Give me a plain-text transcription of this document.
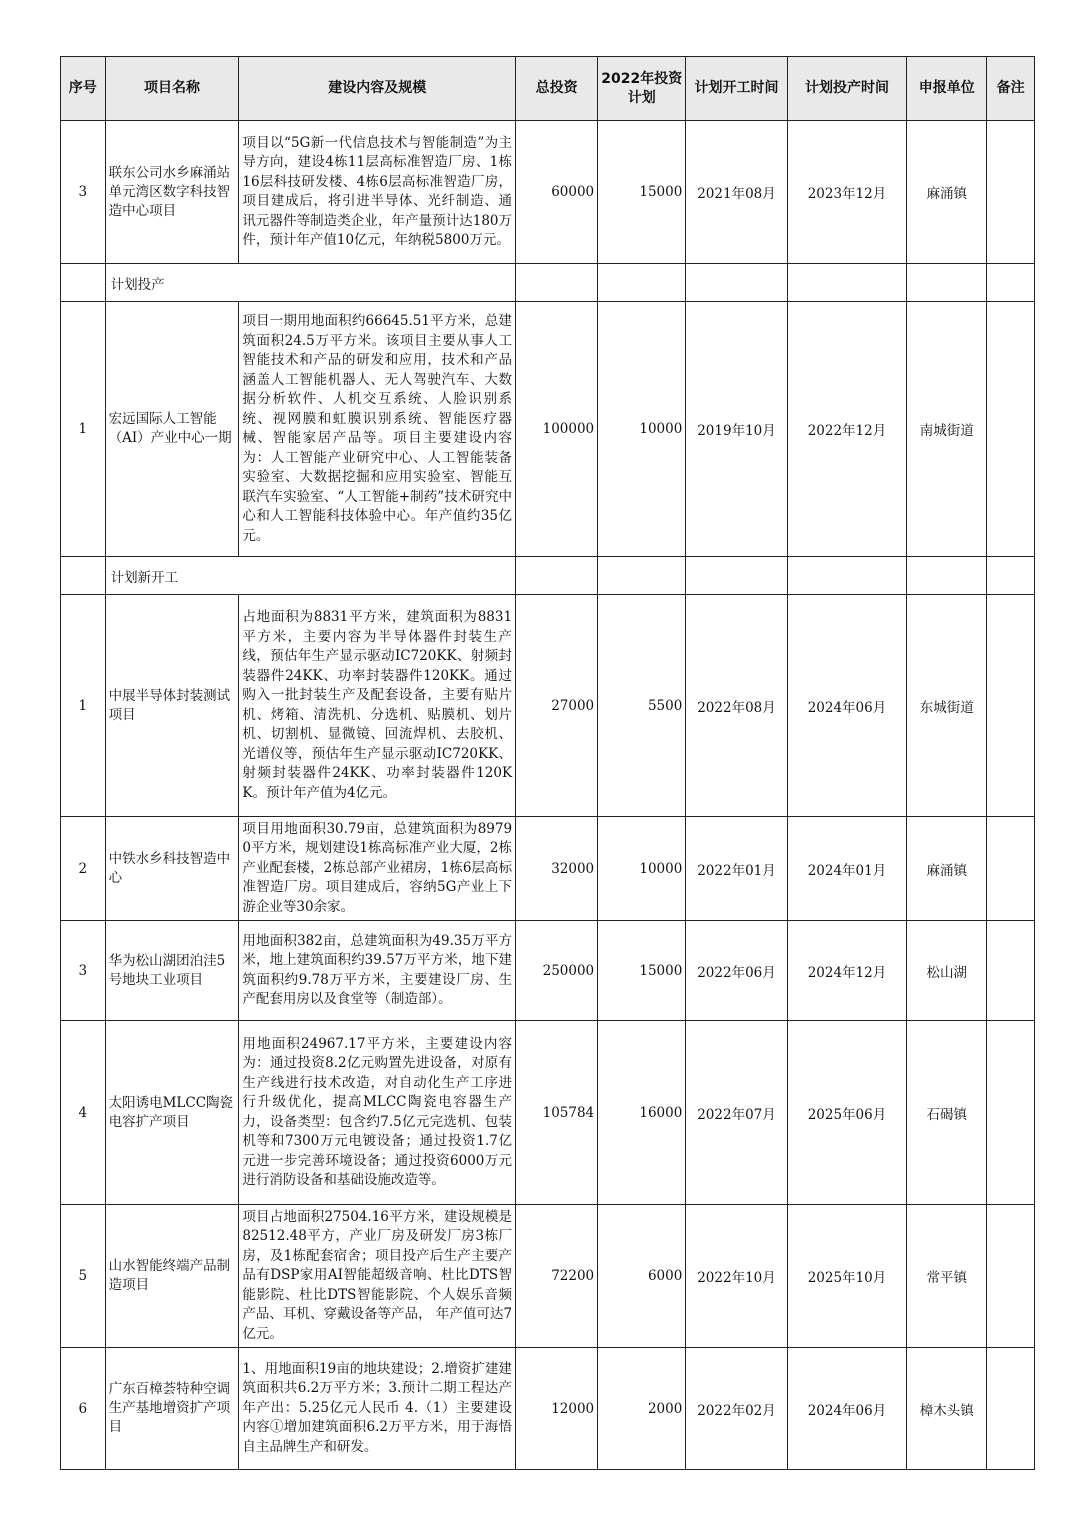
序号	项目名称	建设内容及规模	总投资	2022年投资计划	计划开工时间	计划投产时间	申报单位	备注
3	联东公司水乡麻涌站单元湾区数字科技智造中心项目	项目以“5G新一代信息技术与智能制造”为主导方向，建设4栋11层高标准智造厂房、1栋16层科技研发楼、4栋6层高标准智造厂房，项目建成后，将引进半导体、光纤制造、通讯元器件等制造类企业，年产量预计达180万件，预计年产值10亿元，年纳税5800万元。	60000	15000	2021年08月	2023年12月	麻涌镇	
	计划投产							
1	宏远国际人工智能（AI）产业中心一期	项目一期用地面积约66645.51平方米，总建筑面积24.5万平方米。该项目主要从事人工智能技术和产品的研发和应用，技术和产品涵盖人工智能机器人、无人驾驶汽车、大数据分析软件、人机交互系统、人脸识别系统、视网膜和虹膜识别系统、智能医疗器械、智能家居产品等。项目主要建设内容为：人工智能产业研究中心、人工智能装备实验室、大数据挖掘和应用实验室、智能互联汽车实验室、“人工智能+制药”技术研究中心和人工智能科技体验中心。年产值约35亿元。	100000	10000	2019年10月	2022年12月	南城街道	
	计划新开工							
1	中展半导体封装测试项目	占地面积为8831平方米，建筑面积为8831平方米，主要内容为半导体器件封装生产线，预估年生产显示驱动IC720KK、射频封装器件24KK、功率封装器件120KK。通过购入一批封装生产及配套设备，主要有贴片机、烤箱、清洗机、分选机、贴膜机、划片机、切割机、显微镜、回流焊机、去胶机、光谱仪等，预估年生产显示驱动IC720KK、射频封装器件24KK、功率封装器件120KK。预计年产值为4亿元。	27000	5500	2022年08月	2024年06月	东城街道	
2	中铁水乡科技智造中心	项目用地面积30.79亩，总建筑面积为89790平方米，规划建设1栋高标准产业大厦，2栋产业配套楼，2栋总部产业裙房，1栋6层高标准智造厂房。项目建成后，容纳5G产业上下游企业等30余家。	32000	10000	2022年01月	2024年01月	麻涌镇	
3	华为松山湖团泊洼5号地块工业项目	用地面积382亩，总建筑面积为49.35万平方米，地上建筑面积约39.57万平方米，地下建筑面积约9.78万平方米，主要建设厂房、生产配套用房以及食堂等（制造部）。	250000	15000	2022年06月	2024年12月	松山湖	
4	太阳诱电MLCC陶瓷电容扩产项目	用地面积24967.17平方米，主要建设内容为：通过投资8.2亿元购置先进设备，对原有生产线进行技术改造，对自动化生产工序进行升级优化，提高MLCC陶瓷电容器生产力，设备类型：包含约7.5亿元完选机、包装机等和7300万元电镀设备；通过投资1.7亿元进一步完善环境设备；通过投资6000万元进行消防设备和基础设施改造等。	105784	16000	2022年07月	2025年06月	石碣镇	
5	山水智能终端产品制造项目	项目占地面积27504.16平方米，建设规模是82512.48平方，产业厂房及研发厂房3栋厂房，及1栋配套宿舍；项目投产后生产主要产品有DSP家用AI智能超级音响、杜比DTS智能影院、杜比DTS智能影院、个人娱乐音频产品、耳机、穿戴设备等产品， 年产值可达7亿元。	72200	6000	2022年10月	2025年10月	常平镇	
6	广东百樟荟特种空调生产基地增资扩产项目	1、用地面积19亩的地块建设；2.增资扩建建筑面积共6.2万平方米；3.预计二期工程达产年产出：5.25亿元人民币 4.（1）主要建设内容①增加建筑面积6.2万平方米，用于海悟自主品牌生产和研发。	12000	2000	2022年02月	2024年06月	樟木头镇	
